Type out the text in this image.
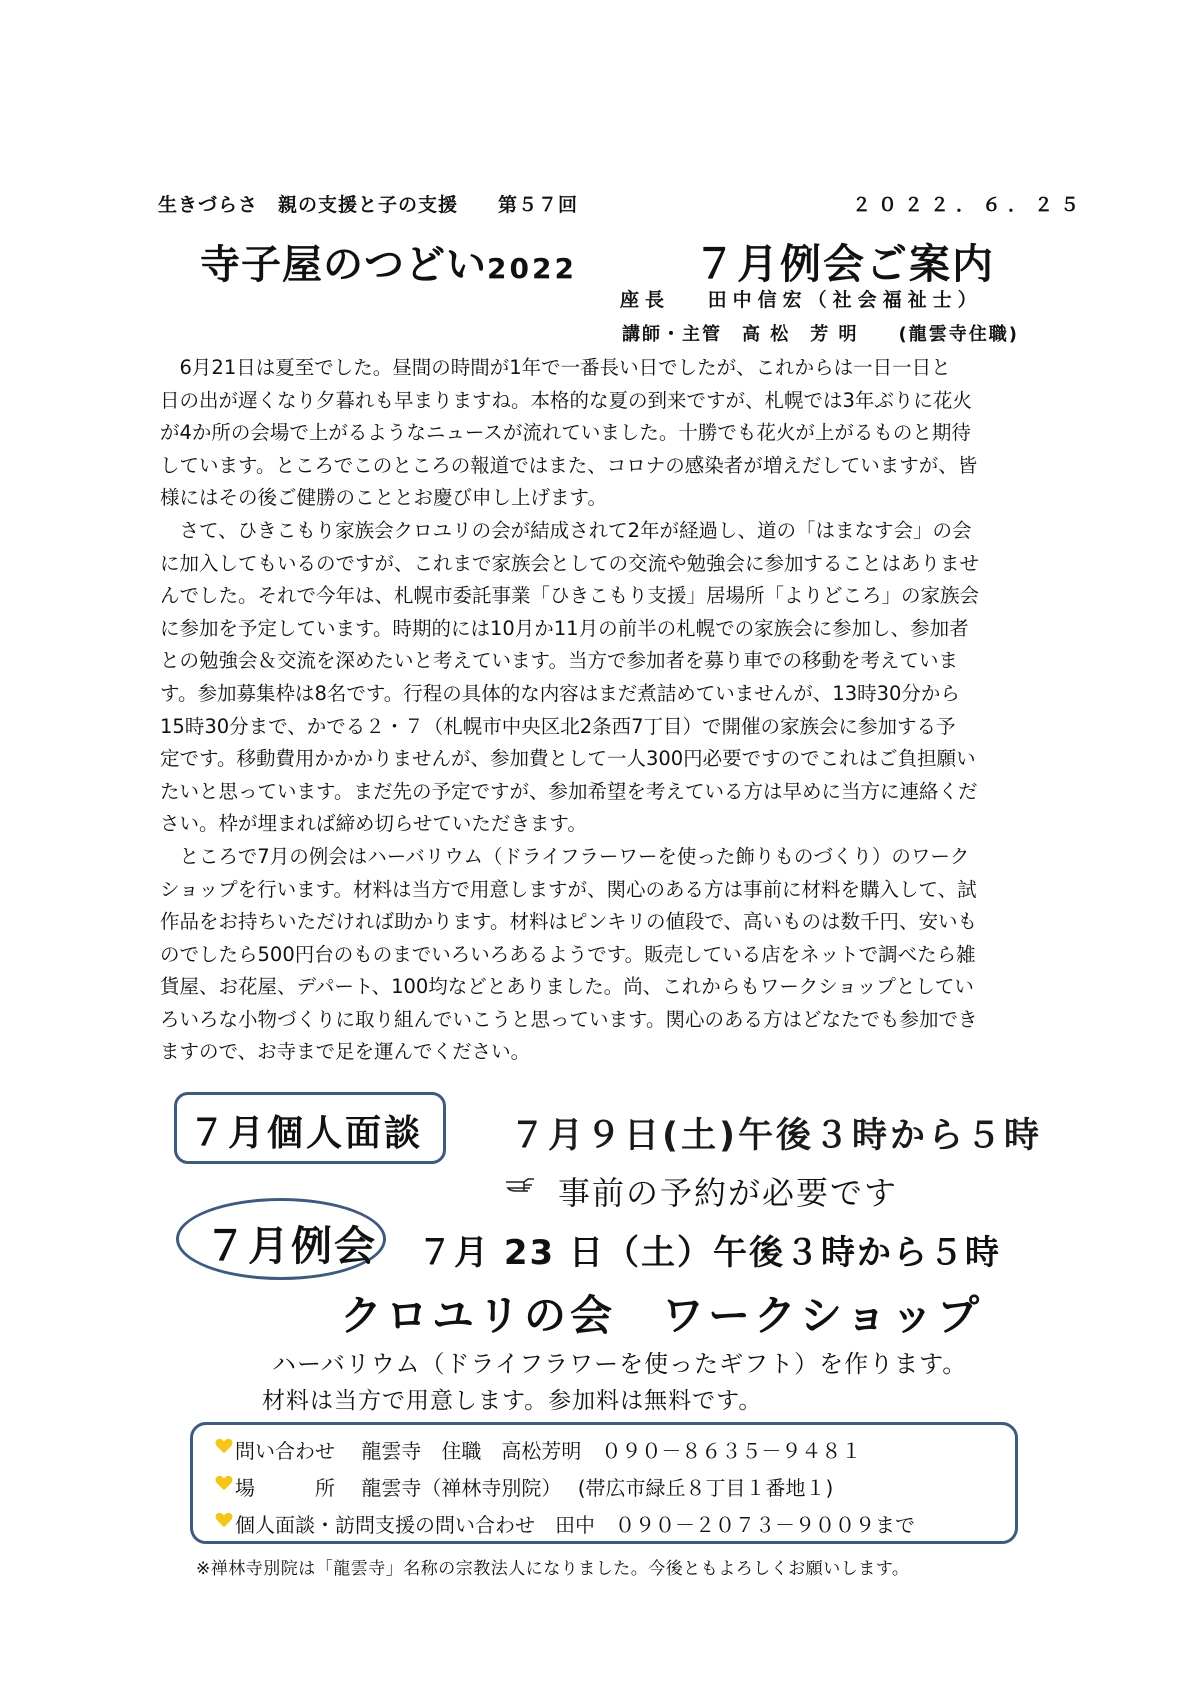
生きづらさ　親の支援と子の支援　　第５７回	２０２２．６．２５
寺子屋のつどい2022	７月例会ご案内
座長　 田中信宏（社会福祉士）
講師・主管　高 松　芳 明　　(龍雲寺住職)
　6月21日は夏至でした。昼間の時間が1年で一番長い日でしたが、これからは一日一日と
日の出が遅くなり夕暮れも早まりますね。本格的な夏の到来ですが、札幌では3年ぶりに花火
が4か所の会場で上がるようなニュースが流れていました。十勝でも花火が上がるものと期待
しています。ところでこのところの報道ではまた、コロナの感染者が増えだしていますが、皆
様にはその後ご健勝のこととお慶び申し上げます。
　さて、ひきこもり家族会クロユリの会が結成されて2年が経過し、道の「はまなす会」の会
に加入してもいるのですが、これまで家族会としての交流や勉強会に参加することはありませ
んでした。それで今年は、札幌市委託事業「ひきこもり支援」居場所「よりどころ」の家族会
に参加を予定しています。時期的には10月か11月の前半の札幌での家族会に参加し、参加者
との勉強会＆交流を深めたいと考えています。当方で参加者を募り車での移動を考えていま
す。参加募集枠は8名です。行程の具体的な内容はまだ煮詰めていませんが、13時30分から
15時30分まで、かでる２・７（札幌市中央区北2条西7丁目）で開催の家族会に参加する予
定です。移動費用かかかりませんが、参加費として一人300円必要ですのでこれはご負担願い
たいと思っています。まだ先の予定ですが、参加希望を考えている方は早めに当方に連絡くだ
さい。枠が埋まれば締め切らせていただきます。
　ところで7月の例会はハーバリウム（ドライフラーワーを使った飾りものづくり）のワーク
ショップを行います。材料は当方で用意しますが、関心のある方は事前に材料を購入して、試
作品をお持ちいただければ助かります。材料はピンキリの値段で、高いものは数千円、安いも
のでしたら500円台のものまでいろいろあるようです。販売している店をネットで調べたら雑
貨屋、お花屋、デパート、100均などとありました。尚、これからもワークショップとしてい
ろいろな小物づくりに取り組んでいこうと思っています。関心のある方はどなたでも参加でき
ますので、お寺まで足を運んでください。
７月個人面談 ７月９日(土)午後３時から５時
事前の予約が必要です
７月例会 ７月 23 日（土）午後３時から５時
クロユリの会　ワークショップ
ハーバリウム（ドライフラワーを使ったギフト）を作ります。
材料は当方で用意します。参加料は無料です。
問い合わせ　 龍雲寺　住職　高松芳明　０９０－８６３５－９４８１
場　　　所　 龍雲寺（禅林寺別院）　 (帯広市緑丘８丁目１番地１)
個人面談・訪問支援の問い合わせ　田中　０９０－２０７３－９００９まで
※禅林寺別院は「龍雲寺」名称の宗教法人になりました。今後ともよろしくお願いします。
